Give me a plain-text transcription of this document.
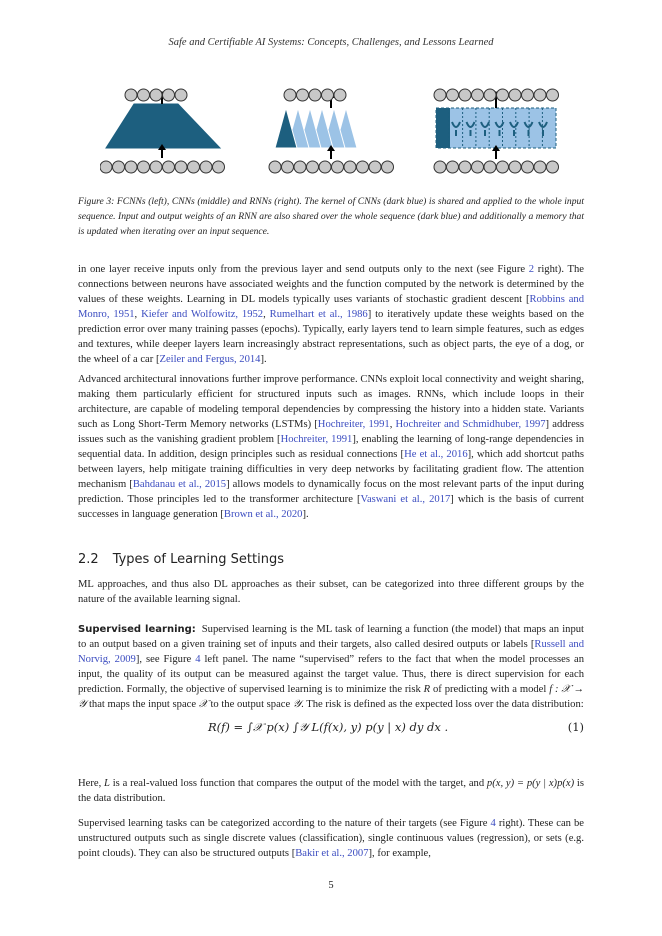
Safe and Certifiable AI Systems: Concepts, Challenges, and Lessons Learned
Figure 3: FCNNs (left), CNNs (middle) and RNNs (right). The kernel of CNNs (dark blue) is shared and applied to the whole input sequence. Input and output weights of an RNN are also shared over the whole sequence (dark blue) and additionally a memory that is updated when iterating over an input sequence.

in one layer receive inputs only from the previous layer and send outputs only to the next (see Figure 2 right). The connections between neurons have associated weights and the function computed by the network is determined by the values of these weights. Learning in DL models typically uses variants of stochastic gradient descent [Robbins and Monro, 1951, Kiefer and Wolfowitz, 1952, Rumelhart et al., 1986] to iteratively update these weights based on the prediction error over many training passes (epochs). Typically, early layers tend to learn simple features, such as edges and textures, while deeper layers learn increasingly abstract representations, such as object parts, the eye of a dog, or the wheel of a car [Zeiler and Fergus, 2014].

Advanced architectural innovations further improve performance. CNNs exploit local connectivity and weight sharing, making them particularly efficient for structured inputs such as images. RNNs, which include loops in their architecture, are capable of modeling temporal dependencies by compressing the history into a hidden state. Variants such as Long Short-Term Memory networks (LSTMs) [Hochreiter, 1991, Hochreiter and Schmidhuber, 1997] address issues such as the vanishing gradient problem [Hochreiter, 1991], enabling the learning of long-range dependencies in sequential data. In addition, design principles such as residual connections [He et al., 2016], which add shortcut paths between layers, help mitigate training difficulties in very deep networks by facilitating gradient flow. The attention mechanism [Bahdanau et al., 2015] allows models to dynamically focus on the most relevant parts of the input during prediction. Those principles led to the transformer architecture [Vaswani et al., 2017] which is the basis of current successes in language generation [Brown et al., 2020].

2.2 Types of Learning Settings

ML approaches, and thus also DL approaches as their subset, can be categorized into three different groups by the nature of the available learning signal.

Supervised learning: Supervised learning is the ML task of learning a function (the model) that maps an input to an output based on a given training set of inputs and their targets, also called desired outputs or labels [Russell and Norvig, 2009], see Figure 4 left panel. The name “supervised” refers to the fact that when the model processes an input, the quality of its output can be measured against the target value. Thus, there is direct supervision for each prediction. Formally, the objective of supervised learning is to minimize the risk R of predicting with a model f : 𝒳 → 𝒴 that maps the input space 𝒳 to the output space 𝒴. The risk is defined as the expected loss over the data distribution:

R(f) = ∫𝒳 p(x) ∫𝒴 L(f(x), y) p(y | x) dy dx .	(1)

Here, L is a real-valued loss function that compares the output of the model with the target, and p(x, y) = p(y | x)p(x) is the data distribution.

Supervised learning tasks can be categorized according to the nature of their targets (see Figure 4 right). These can be unstructured outputs such as single discrete values (classification), single continuous values (regression), or sets (e.g. point clouds). They can also be structured outputs [Bakir et al., 2007], for example,

5
